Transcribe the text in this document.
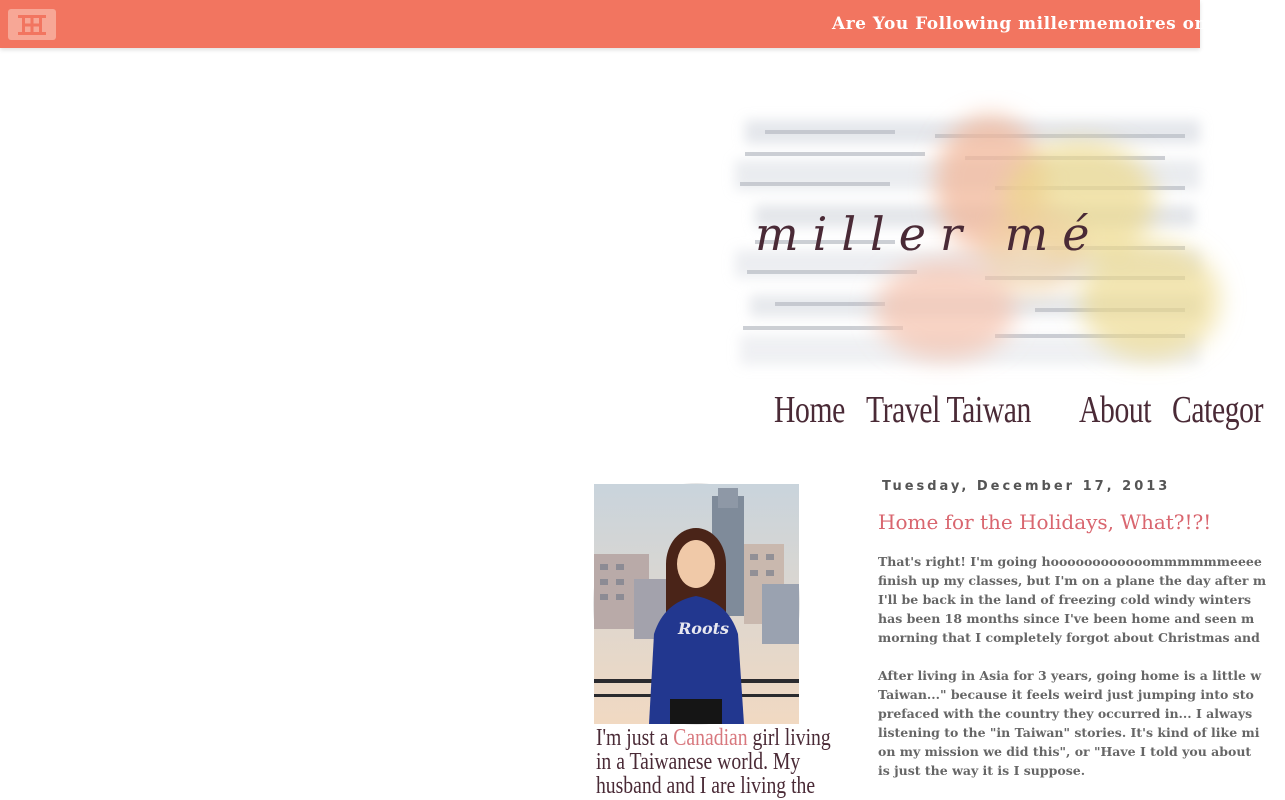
Are You Following millermemoires on
miller mé
Home Travel Taiwan About Categor
Roots
I'm just a Canadian girl living
in a Taiwanese world. My
husband and I are living the
Tuesday, December 17, 2013
Home for the Holidays, What?!?!
That's right! I'm going hoooooooooooommmmmmeeee
finish up my classes, but I'm on a plane the day after m
I'll be back in the land of freezing cold windy winters
has been 18 months since I've been home and seen m
morning that I completely forgot about Christmas and
After living in Asia for 3 years, going home is a little w
Taiwan..." because it feels weird just jumping into sto
prefaced with the country they occurred in... I always
listening to the "in Taiwan" stories. It's kind of like mi
on my mission we did this", or "Have I told you about
is just the way it is I suppose.
